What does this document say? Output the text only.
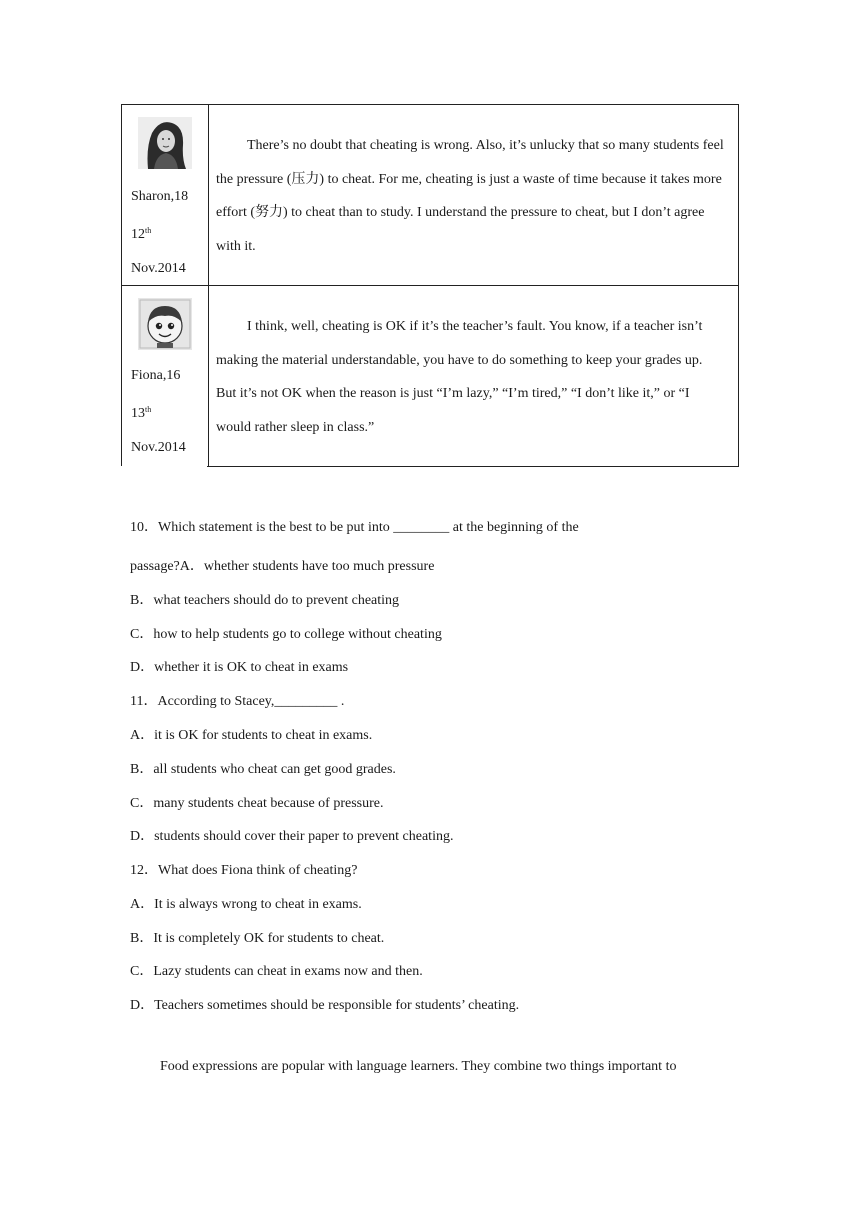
Sharon,18
12th
Nov.2014
There’s no doubt that cheating is wrong. Also, it’s unlucky that so many students feel the pressure (压力) to cheat. For me, cheating is just a waste of time because it takes more effort (努力) to cheat than to study. I understand the pressure to cheat, but I don’t agree with it.
Fiona,16
13th
Nov.2014
I think, well, cheating is OK if it’s the teacher’s fault. You know, if a teacher isn’t making the material understandable, you have to do something to keep your grades up. But it’s not OK when the reason is just “I’m lazy,” “I’m tired,” “I don’t like it,” or “I would rather sleep in class.”
10．Which statement is the best to be put into ________ at the beginning of the
passage?A．whether students have too much pressure
B．what teachers should do to prevent cheating
C．how to help students go to college without cheating
D．whether it is OK to cheat in exams
11．According to Stacey,_________ .
A．it is OK for students to cheat in exams.
B．all students who cheat can get good grades.
C．many students cheat because of pressure.
D．students should cover their paper to prevent cheating.
12．What does Fiona think of cheating?
A．It is always wrong to cheat in exams.
B．It is completely OK for students to cheat.
C．Lazy students can cheat in exams now and then.
D．Teachers sometimes should be responsible for students’ cheating.
Food expressions are popular with language learners. They combine two things important to
